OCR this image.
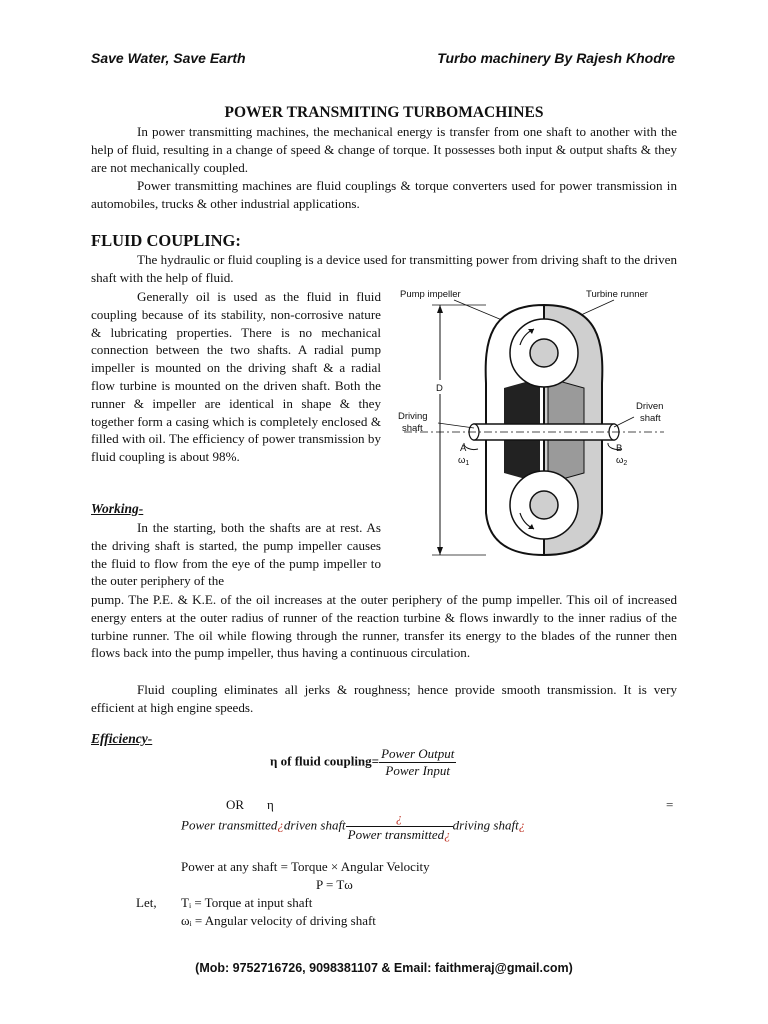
Save Water, Save Earth	Turbo machinery By Rajesh Khodre
POWER TRANSMITING TURBOMACHINES

In power transmitting machines, the mechanical energy is transfer from one shaft to another with the help of fluid, resulting in a change of speed & change of torque. It possesses both input & output shafts & they are not mechanically coupled.

Power transmitting machines are fluid couplings & torque converters used for power transmission in automobiles, trucks & other industrial applications.

FLUID COUPLING:

The hydraulic or fluid coupling is a device used for transmitting power from driving shaft to the driven shaft with the help of fluid.

Generally oil is used as the fluid in fluid coupling because of its stability, non-corrosive nature & lubricating properties. There is no mechanical connection between the two shafts. A radial pump impeller is mounted on the driving shaft & a radial flow turbine is mounted on the driven shaft. Both the runner & impeller are identical in shape & they together form a casing which is completely enclosed & filled with oil. The efficiency of power transmission by fluid coupling is about 98%.

Pump impeller	Turbine runner
D
Driving
shaft
Driven
shaft
A
$\omega_1$
B
$\omega_2$
Working-

In the starting, both the shafts are at rest. As the driving shaft is started, the pump impeller causes the fluid to flow from the eye of the pump impeller to the outer periphery of the

pump. The P.E. & K.E. of the oil increases at the outer periphery of the pump impeller. This oil of increased energy enters at the outer radius of runner of the reaction turbine & flows inwardly to the inner radius of the turbine runner. The oil while flowing through the runner, transfer its energy to the blades of the runner then flows back into the pump impeller, thus having a continuous circulation.

Fluid coupling eliminates all jerks & roughness; hence provide smooth transmission. It is very efficient at high engine speeds.

Efficiency-
η of fluid coupling= $\frac{\text{Power Output}}{\text{Power Input}}$
OR η	=
Power transmitted¿driven shaft $\frac{¿}{\text{Power transmitted¿}}$ driving shaft¿
Power at any shaft = Torque × Angular Velocity
P = Tω
Let, Tᵢ = Torque at input shaft
ωᵢ = Angular velocity of driving shaft
(Mob: 9752716726, 9098381107 & Email: faithmeraj@gmail.com)
